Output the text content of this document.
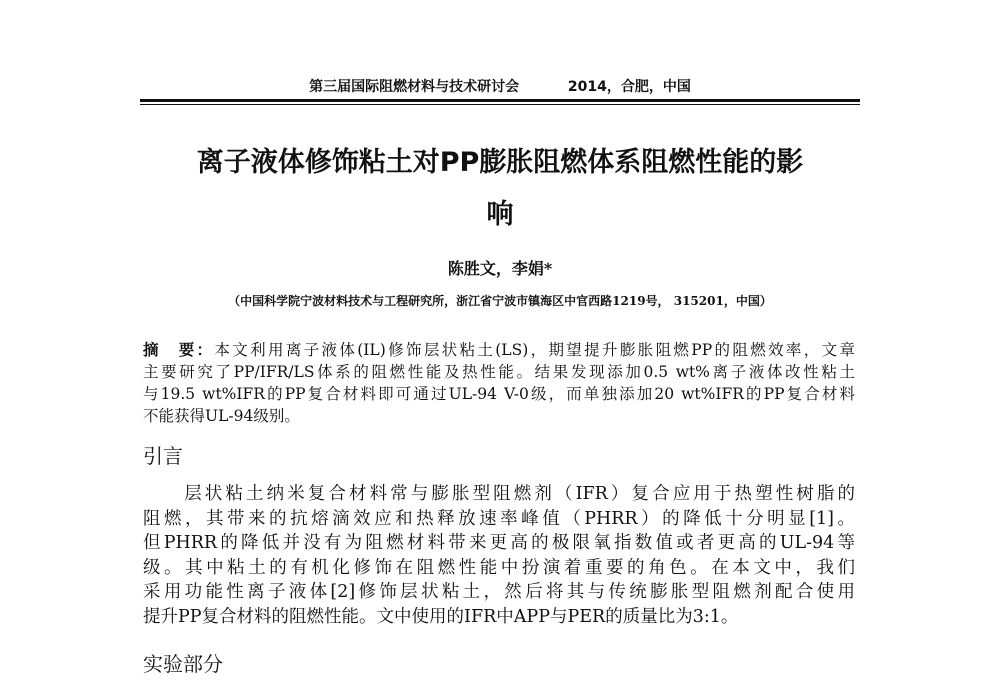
第三届国际阻燃材料与技术研讨会	2014，合肥，中国
离子液体修饰粘土对PP膨胀阻燃体系阻燃性能的影
响
陈胜文，李娟*
（中国科学院宁波材料技术与工程研究所，浙江省宁波市镇海区中官西路1219号， 315201，中国）
摘　要：本文利用离子液体(IL)修饰层状粘土(LS)，期望提升膨胀阻燃PP的阻燃效率，文章
主要研究了PP/IFR/LS体系的阻燃性能及热性能。结果发现添加0.5 wt%离子液体改性粘土
与19.5 wt%IFR的PP复合材料即可通过UL-94 V-0级，而单独添加20 wt%IFR的PP复合材料
不能获得UL-94级别。
引言
　　层状粘土纳米复合材料常与膨胀型阻燃剂（IFR）复合应用于热塑性树脂的
阻燃，其带来的抗熔滴效应和热释放速率峰值（PHRR）的降低十分明显[1]。
但PHRR的降低并没有为阻燃材料带来更高的极限氧指数值或者更高的UL-94等
级。其中粘土的有机化修饰在阻燃性能中扮演着重要的角色。在本文中，我们
采用功能性离子液体[2]修饰层状粘土，然后将其与传统膨胀型阻燃剂配合使用
提升PP复合材料的阻燃性能。文中使用的IFR中APP与PER的质量比为3:1。
实验部分
